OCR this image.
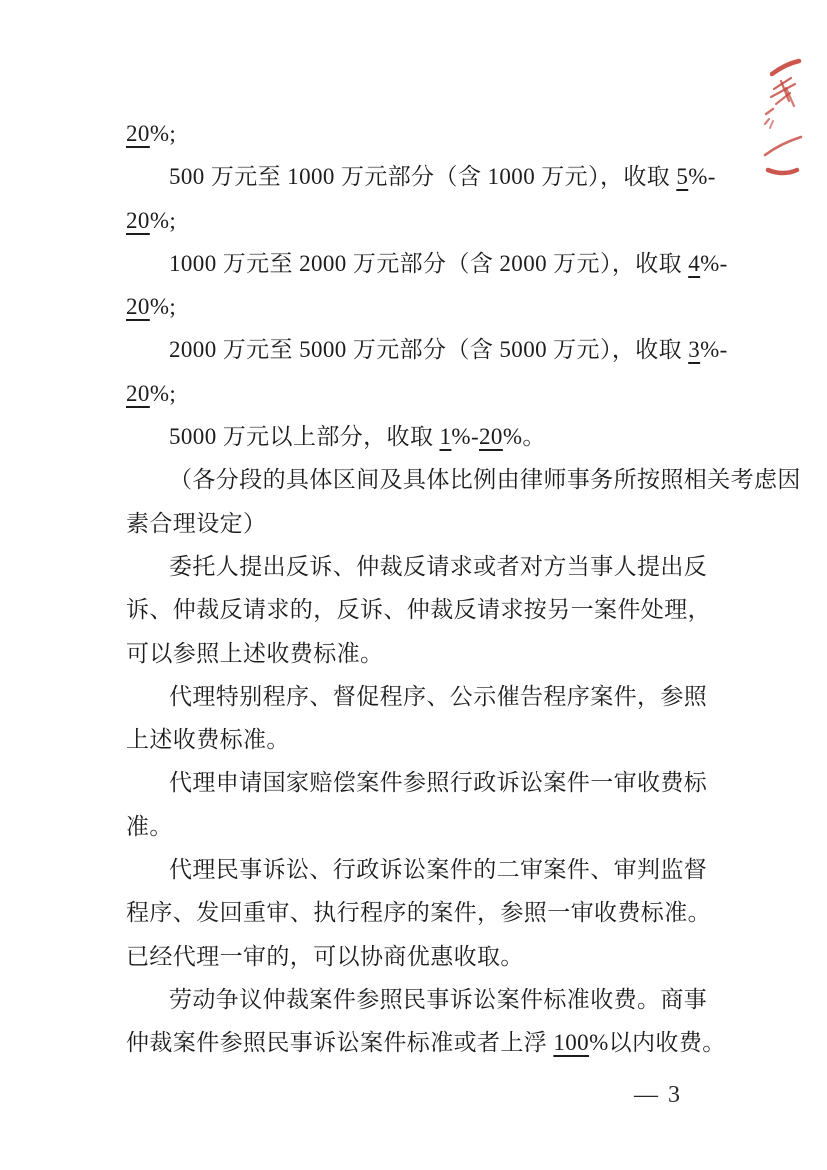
20%;
500 万元至 1000 万元部分（含 1000 万元），收取 5%-
20%;
1000 万元至 2000 万元部分（含 2000 万元），收取 4%-
20%;
2000 万元至 5000 万元部分（含 5000 万元），收取 3%-
20%;
5000 万元以上部分，收取 1%-20%。
（各分段的具体区间及具体比例由律师事务所按照相关考虑因
素合理设定）
委托人提出反诉、仲裁反请求或者对方当事人提出反
诉、仲裁反请求的，反诉、仲裁反请求按另一案件处理，
可以参照上述收费标准。
代理特别程序、督促程序、公示催告程序案件，参照
上述收费标准。
代理申请国家赔偿案件参照行政诉讼案件一审收费标
准。
代理民事诉讼、行政诉讼案件的二审案件、审判监督
程序、发回重审、执行程序的案件，参照一审收费标准。
已经代理一审的，可以协商优惠收取。
劳动争议仲裁案件参照民事诉讼案件标准收费。商事
仲裁案件参照民事诉讼案件标准或者上浮 100%以内收费。
— 3
